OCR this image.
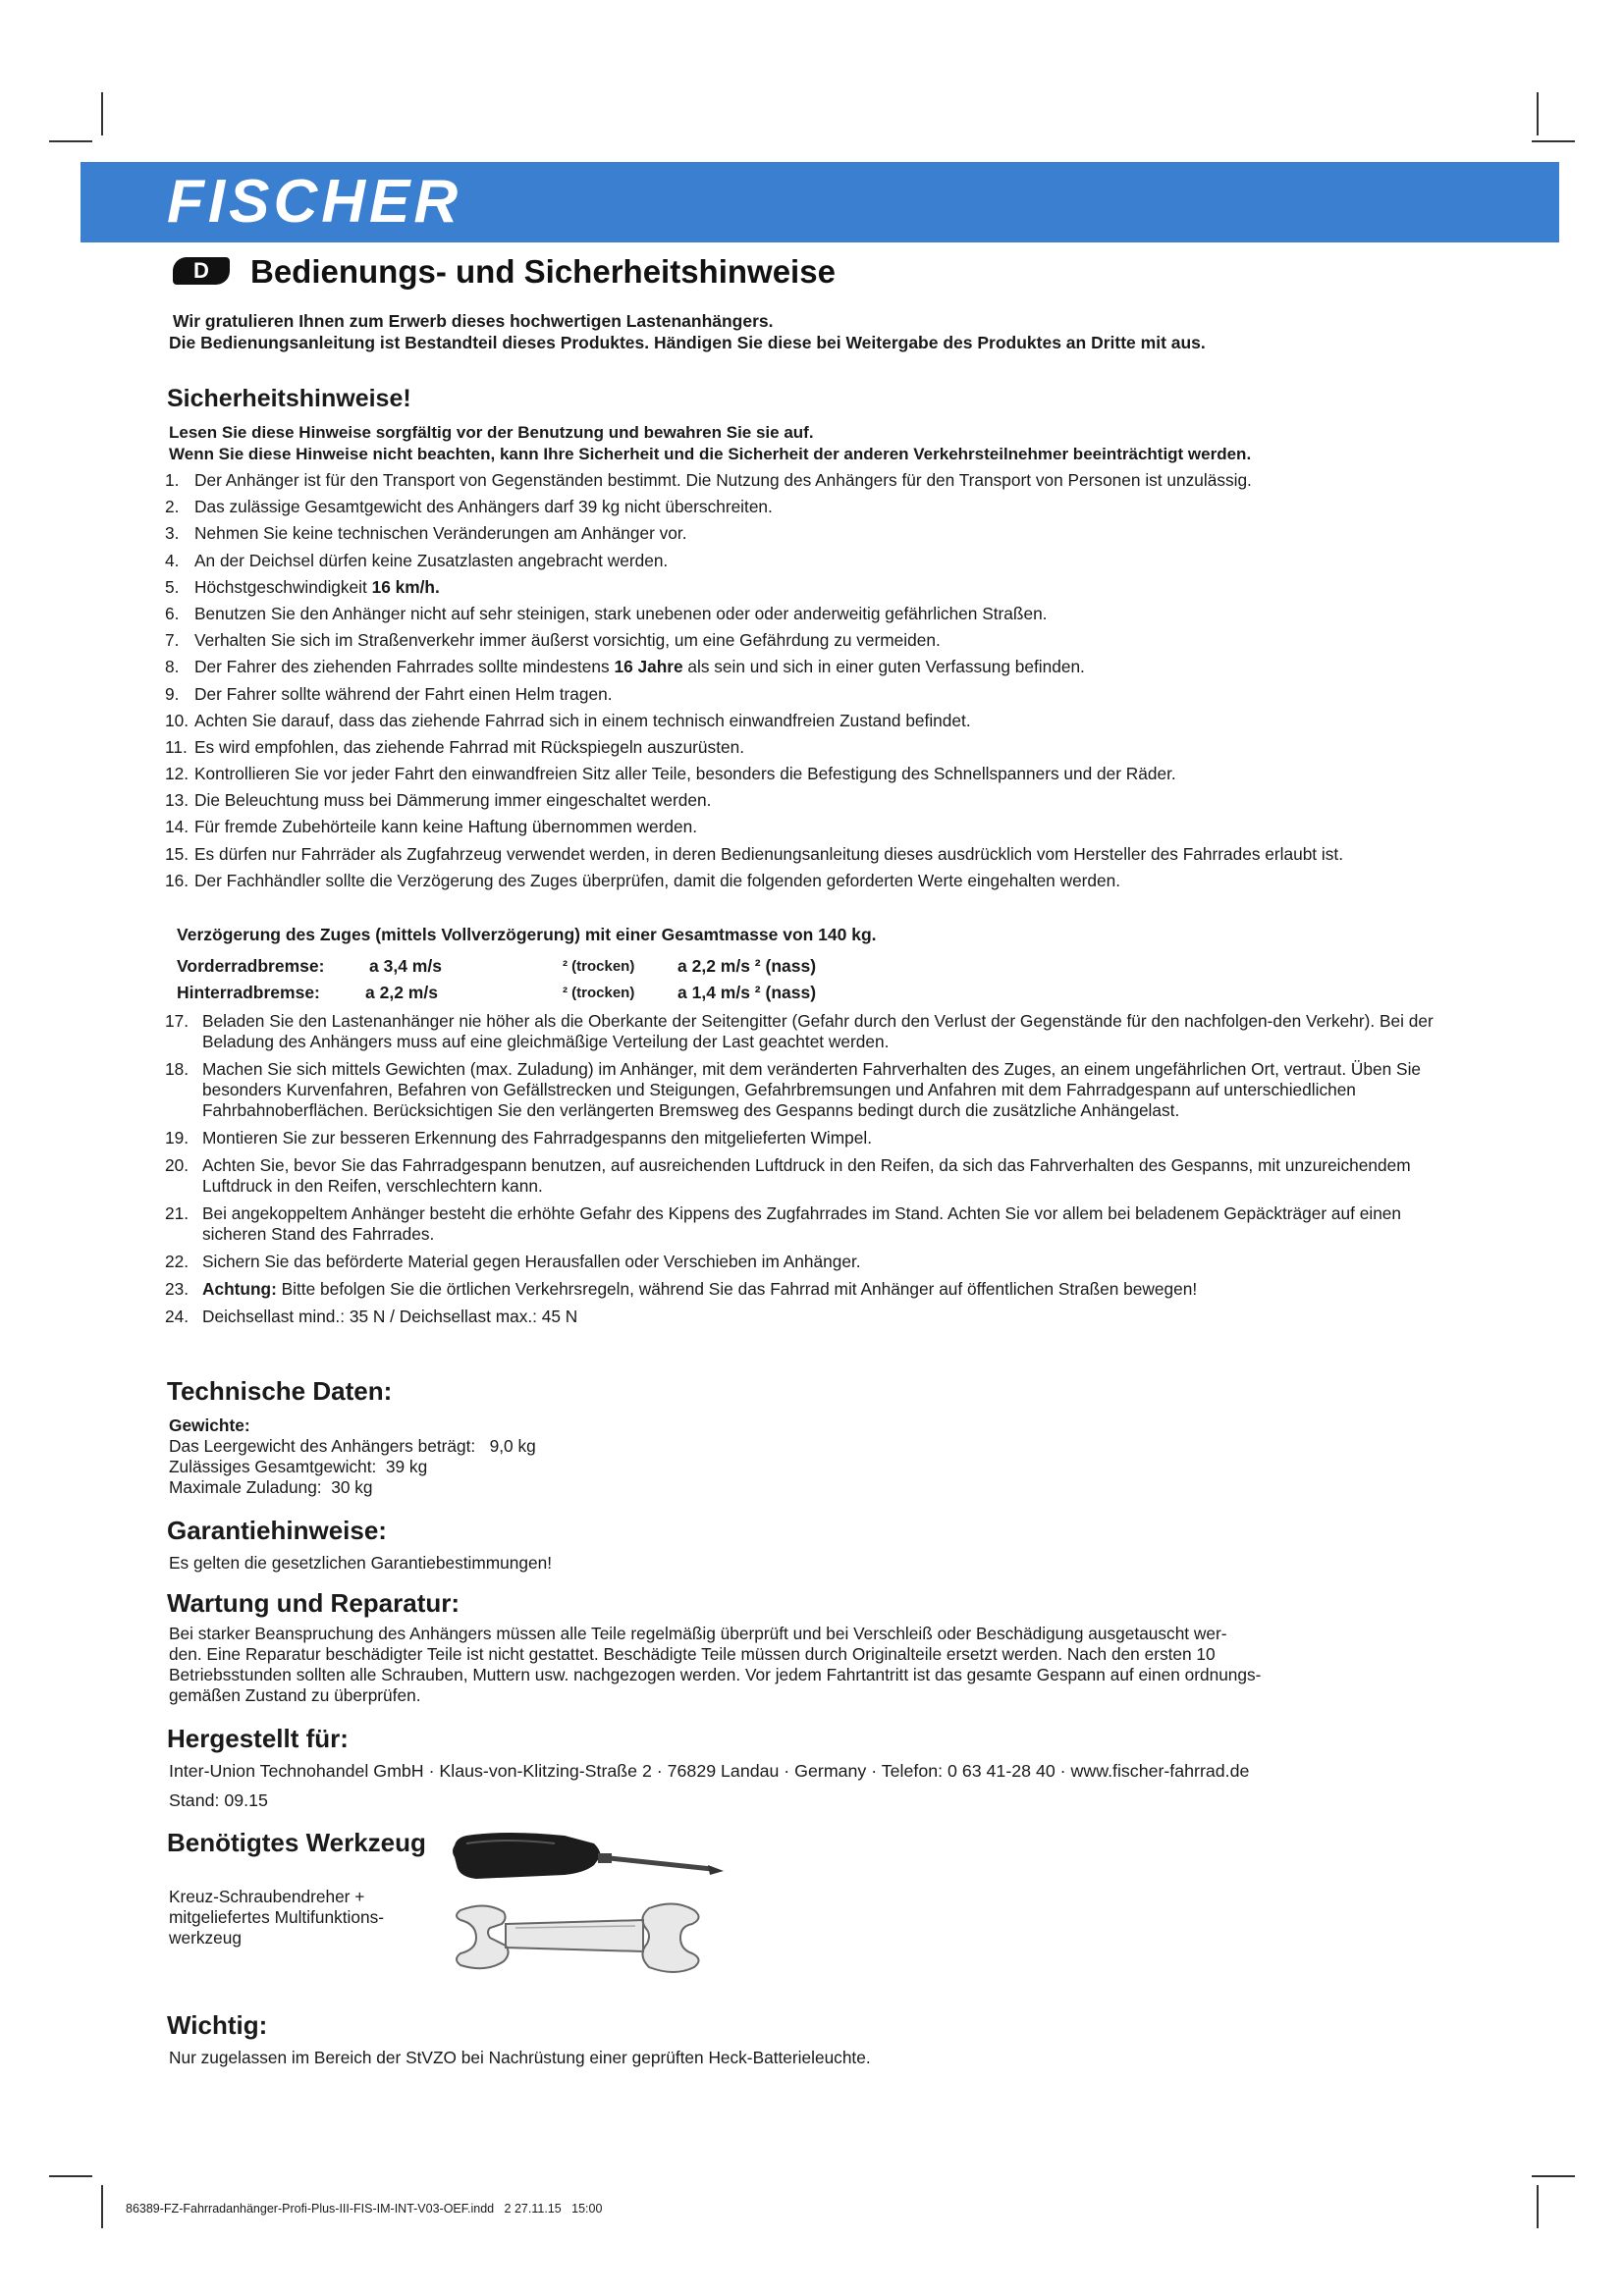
FISCHER
D	Bedienungs- und Sicherheitshinweise
Wir gratulieren Ihnen zum Erwerb dieses hochwertigen Lastenanhängers.
Die Bedienungsanleitung ist Bestandteil dieses Produktes. Händigen Sie diese bei Weitergabe des Produktes an Dritte mit aus.
Sicherheitshinweise!
Lesen Sie diese Hinweise sorgfältig vor der Benutzung und bewahren Sie sie auf.
Wenn Sie diese Hinweise nicht beachten, kann Ihre Sicherheit und die Sicherheit der anderen Verkehrsteilnehmer beeinträchtigt werden.
1. Der Anhänger ist für den Transport von Gegenständen bestimmt. Die Nutzung des Anhängers für den Transport von Personen ist unzulässig.
2. Das zulässige Gesamtgewicht des Anhängers darf 39 kg nicht überschreiten.
3. Nehmen Sie keine technischen Veränderungen am Anhänger vor.
4. An der Deichsel dürfen keine Zusatzlasten angebracht werden.
5. Höchstgeschwindigkeit 16 km/h.
6. Benutzen Sie den Anhänger nicht auf sehr steinigen, stark unebenen oder oder anderweitig gefährlichen Straßen.
7. Verhalten Sie sich im Straßenverkehr immer äußerst vorsichtig, um eine Gefährdung zu vermeiden.
8. Der Fahrer des ziehenden Fahrrades sollte mindestens 16 Jahre als sein und sich in einer guten Verfassung befinden.
9. Der Fahrer sollte während der Fahrt einen Helm tragen.
10. Achten Sie darauf, dass das ziehende Fahrrad sich in einem technisch einwandfreien Zustand befindet.
11. Es wird empfohlen, das ziehende Fahrrad mit Rückspiegeln auszurüsten.
12. Kontrollieren Sie vor jeder Fahrt den einwandfreien Sitz aller Teile, besonders die Befestigung des Schnellspanners und der Räder.
13. Die Beleuchtung muss bei Dämmerung immer eingeschaltet werden.
14. Für fremde Zubehörteile kann keine Haftung übernommen werden.
15. Es dürfen nur Fahrräder als Zugfahrzeug verwendet werden, in deren Bedienungsanleitung dieses ausdrücklich vom Hersteller des Fahrrades erlaubt ist.
16. Der Fachhändler sollte die Verzögerung des Zuges überprüfen, damit die folgenden geforderten Werte eingehalten werden.
Verzögerung des Zuges (mittels Vollverzögerung) mit einer Gesamtmasse von 140 kg.
Vorderradbremse:	a 3,4 m/s	² (trocken) a 2,2 m/s ² (nass)
Hinterradbremse:	a 2,2 m/s	² (trocken) a 1,4 m/s ² (nass)
17. Beladen Sie den Lastenanhänger nie höher als die Oberkante der Seitengitter (Gefahr durch den Verlust der Gegenstände für den nachfolgen-den Verkehr). Bei der Beladung des Anhängers muss auf eine gleichmäßige Verteilung der Last geachtet werden.
18. Machen Sie sich mittels Gewichten (max. Zuladung) im Anhänger, mit dem veränderten Fahrverhalten des Zuges, an einem ungefährlichen Ort, vertraut. Üben Sie besonders Kurvenfahren, Befahren von Gefällstrecken und Steigungen, Gefahrbremsungen und Anfahren mit dem Fahrradgespann auf unterschiedlichen Fahrbahnoberflächen. Berücksichtigen Sie den verlängerten Bremsweg des Gespanns bedingt durch die zusätzliche Anhängelast.
19. Montieren Sie zur besseren Erkennung des Fahrradgespanns den mitgelieferten Wimpel.
20. Achten Sie, bevor Sie das Fahrradgespann benutzen, auf ausreichenden Luftdruck in den Reifen, da sich das Fahrverhalten des Gespanns, mit unzureichendem Luftdruck in den Reifen, verschlechtern kann.
21. Bei angekoppeltem Anhänger besteht die erhöhte Gefahr des Kippens des Zugfahrrades im Stand. Achten Sie vor allem bei beladenem Gepäckträger auf einen sicheren Stand des Fahrrades.
22. Sichern Sie das beförderte Material gegen Herausfallen oder Verschieben im Anhänger.
23. Achtung: Bitte befolgen Sie die örtlichen Verkehrsregeln, während Sie das Fahrrad mit Anhänger auf öffentlichen Straßen bewegen!
24. Deichsellast mind.: 35 N / Deichsellast max.: 45 N
Technische Daten:
Gewichte:
Das Leergewicht des Anhängers beträgt:   9,0 kg
Zulässiges Gesamtgewicht:  39 kg
Maximale Zuladung:  30 kg
Garantiehinweise:
Es gelten die gesetzlichen Garantiebestimmungen!
Wartung und Reparatur:
Bei starker Beanspruchung des Anhängers müssen alle Teile regelmäßig überprüft und bei Verschleiß oder Beschädigung ausgetauscht wer-
den. Eine Reparatur beschädigter Teile ist nicht gestattet. Beschädigte Teile müssen durch Originalteile ersetzt werden. Nach den ersten 10
Betriebsstunden sollten alle Schrauben, Muttern usw. nachgezogen werden. Vor jedem Fahrtantritt ist das gesamte Gespann auf einen ordnungs-
gemäßen Zustand zu überprüfen.
Hergestellt für:
Inter-Union Technohandel GmbH · Klaus-von-Klitzing-Straße 2 · 76829 Landau · Germany · Telefon: 0 63 41-28 40 · www.fischer-fahrrad.de
Stand: 09.15
Benötigtes Werkzeug
Kreuz-Schraubendreher +
mitgeliefertes Multifunktions-
werkzeug
Wichtig:
Nur zugelassen im Bereich der StVZO bei Nachrüstung einer geprüften Heck-Batterieleuchte.
86389-FZ-Fahrradanhänger-Profi-Plus-III-FIS-IM-INT-V03-OEF.indd   2 27.11.15   15:00
